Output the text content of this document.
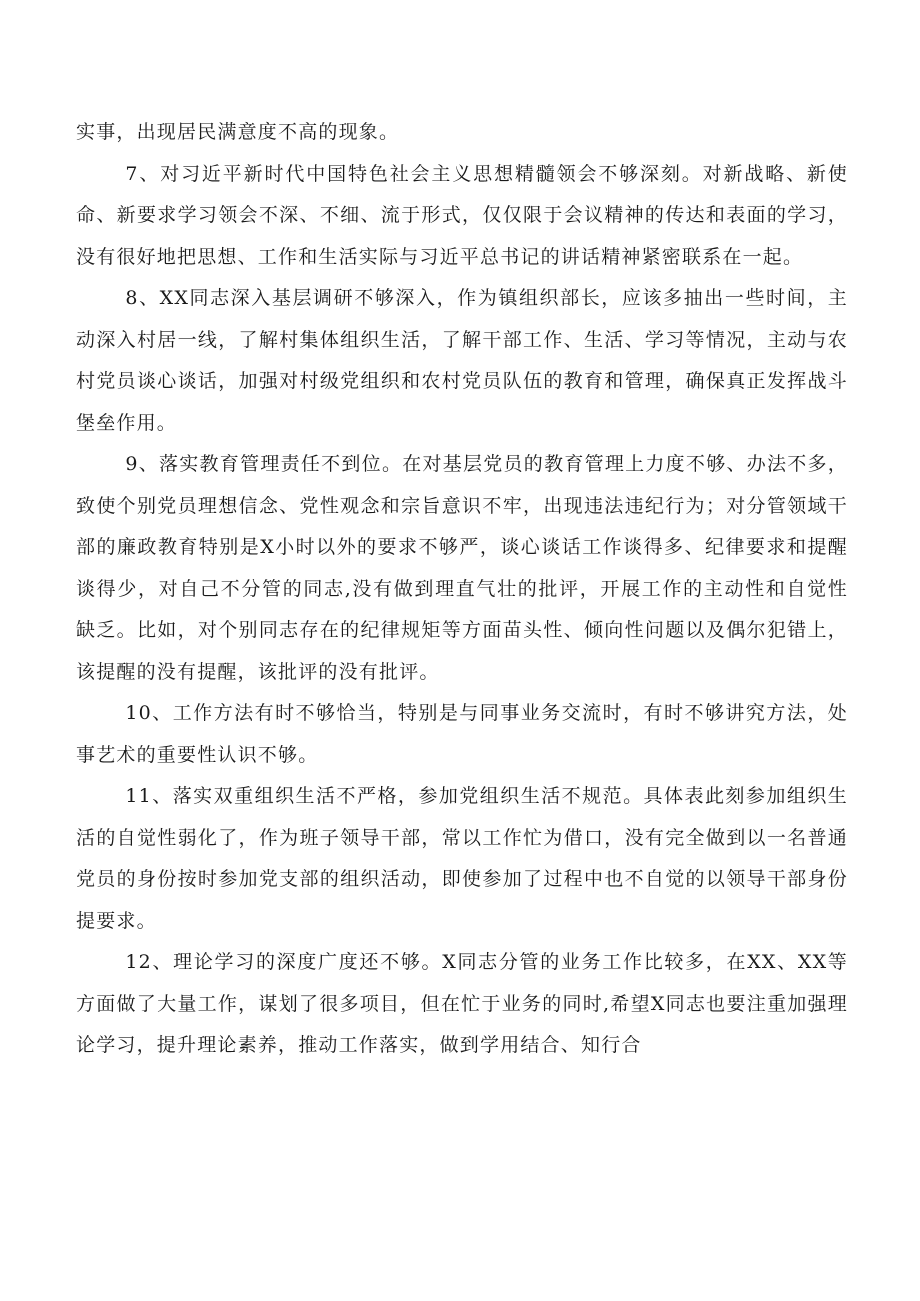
实事，出现居民满意度不高的现象。

7、对习近平新时代中国特色社会主义思想精髓领会不够深刻。对新战略、新使命、新要求学习领会不深、不细、流于形式，仅仅限于会议精神的传达和表面的学习，没有很好地把思想、工作和生活实际与习近平总书记的讲话精神紧密联系在一起。

8、XX同志深入基层调研不够深入，作为镇组织部长，应该多抽出一些时间，主动深入村居一线，了解村集体组织生活，了解干部工作、生活、学习等情况，主动与农村党员谈心谈话，加强对村级党组织和农村党员队伍的教育和管理，确保真正发挥战斗堡垒作用。

9、落实教育管理责任不到位。在对基层党员的教育管理上力度不够、办法不多，致使个别党员理想信念、党性观念和宗旨意识不牢，出现违法违纪行为；对分管领域干部的廉政教育特别是X小时以外的要求不够严，谈心谈话工作谈得多、纪律要求和提醒谈得少，对自己不分管的同志,没有做到理直气壮的批评，开展工作的主动性和自觉性缺乏。比如，对个别同志存在的纪律规矩等方面苗头性、倾向性问题以及偶尔犯错上，该提醒的没有提醒，该批评的没有批评。

10、工作方法有时不够恰当，特别是与同事业务交流时，有时不够讲究方法，处事艺术的重要性认识不够。

11、落实双重组织生活不严格，参加党组织生活不规范。具体表此刻参加组织生活的自觉性弱化了，作为班子领导干部，常以工作忙为借口，没有完全做到以一名普通党员的身份按时参加党支部的组织活动，即使参加了过程中也不自觉的以领导干部身份提要求。

12、理论学习的深度广度还不够。X同志分管的业务工作比较多，在XX、XX等方面做了大量工作，谋划了很多项目，但在忙于业务的同时,希望X同志也要注重加强理论学习，提升理论素养，推动工作落实，做到学用结合、知行合
